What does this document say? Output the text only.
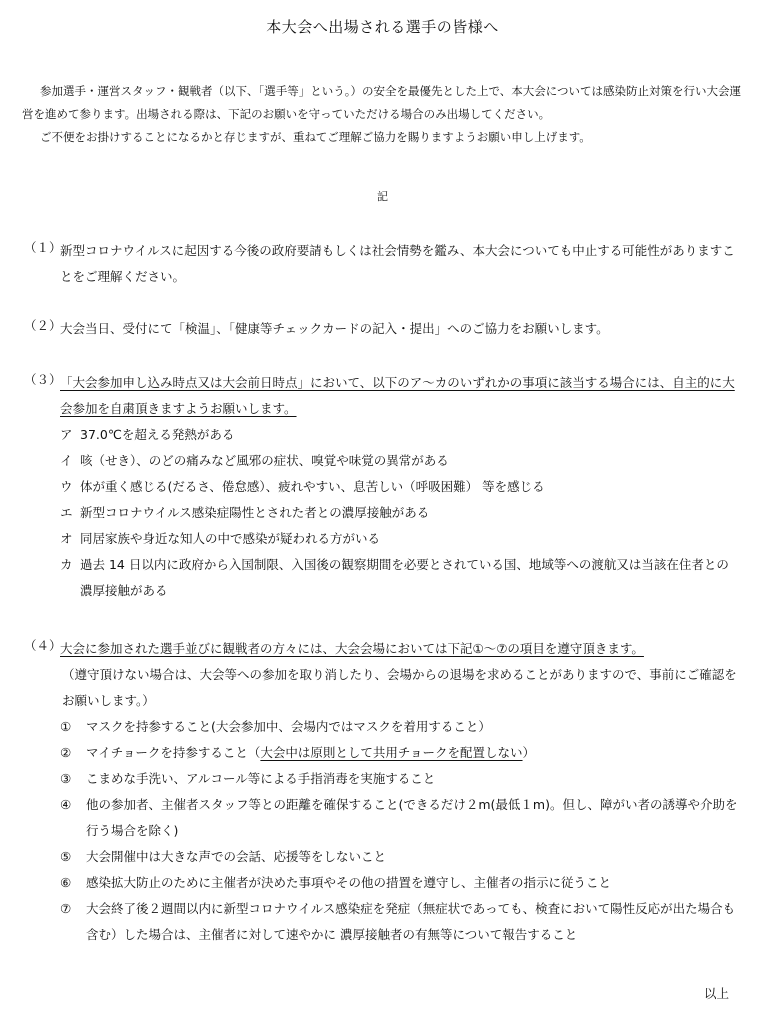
本大会へ出場される選手の皆様へ

参加選手・運営スタッフ・観戦者（以下、「選手等」という。）の安全を最優先とした上で、本大会については感染防止対策を行い大会運営を進めて参ります。出場される際は、下記のお願いを守っていただける場合のみ出場してください。

ご不便をお掛けすることになるかと存じますが、重ねてご理解ご協力を賜りますようお願い申し上げます。

記
（１）
新型コロナウイルスに起因する今後の政府要請もしくは社会情勢を鑑み、本大会についても中止する可能性がありますことをご理解ください。
（２）
大会当日、受付にて「検温」、「健康等チェックカードの記入・提出」へのご協力をお願いします。
（３）
「大会参加申し込み時点又は大会前日時点」において、以下のア～カのいずれかの事項に該当する場合には、自主的に大会参加を自粛頂きますようお願いします。
ア 37.0℃を超える発熱がある
イ 咳（せき）、のどの痛みなど風邪の症状、嗅覚や味覚の異常がある
ウ 体が重く感じる(だるさ、倦怠感）、疲れやすい、息苦しい（呼吸困難） 等を感じる
エ 新型コロナウイルス感染症陽性とされた者との濃厚接触がある
オ 同居家族や身近な知人の中で感染が疑われる方がいる
カ 過去 14 日以内に政府から入国制限、入国後の観察期間を必要とされている国、地域等への渡航又は当該在住者との濃厚接触がある
（４）
大会に参加された選手並びに観戦者の方々には、大会会場においては下記①～⑦の項目を遵守頂きます。
（遵守頂けない場合は、大会等への参加を取り消したり、会場からの退場を求めることがありますので、事前にご確認をお願いします。）
①	マスクを持参すること(大会参加中、会場内ではマスクを着用すること）
②	マイチョークを持参すること（大会中は原則として共用チョークを配置しない）
③	こまめな手洗い、アルコール等による手指消毒を実施すること
④	他の参加者、主催者スタッフ等との距離を確保すること(できるだけ２m(最低１m)。但し、障がい者の誘導や介助を行う場合を除く)
⑤	大会開催中は大きな声での会話、応援等をしないこと
⑥	感染拡大防止のために主催者が決めた事項やその他の措置を遵守し、主催者の指示に従うこと
⑦	大会終了後２週間以内に新型コロナウイルス感染症を発症（無症状であっても、検査において陽性反応が出た場合も含む）した場合は、主催者に対して速やかに 濃厚接触者の有無等について報告すること
以上
